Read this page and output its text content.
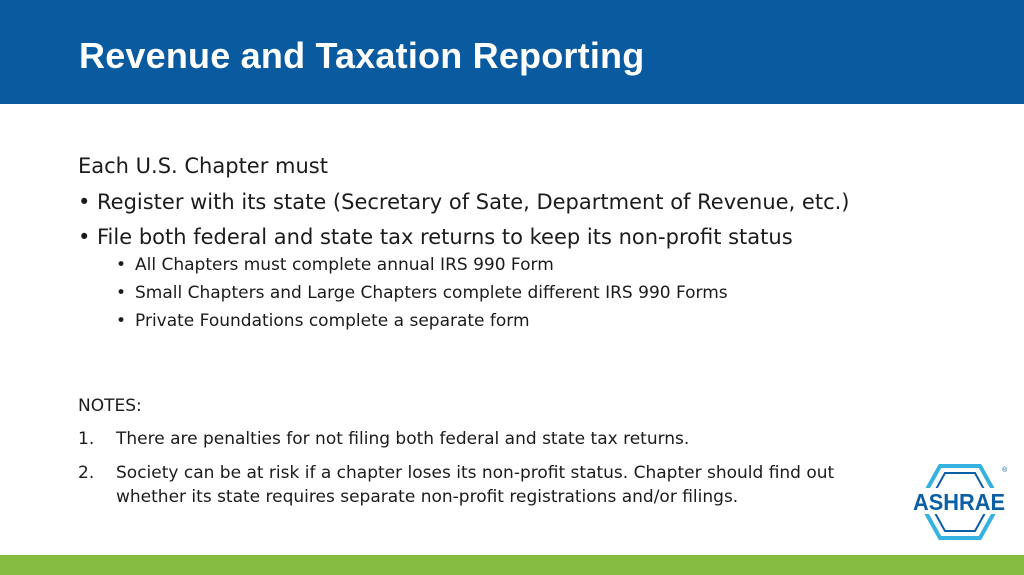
Revenue and Taxation Reporting

Each U.S. Chapter must

• Register with its state (Secretary of Sate, Department of Revenue, etc.)
• File both federal and state tax returns to keep its non-profit status
• All Chapters must complete annual IRS 990 Form
• Small Chapters and Large Chapters complete different IRS 990 Forms
• Private Foundations complete a separate form

NOTES:

1. There are penalties for not filing both federal and state tax returns.
2. Society can be at risk if a chapter loses its non-profit status. Chapter should find out whether its state requires separate non-profit registrations and/or filings.	ASHRAE
®
